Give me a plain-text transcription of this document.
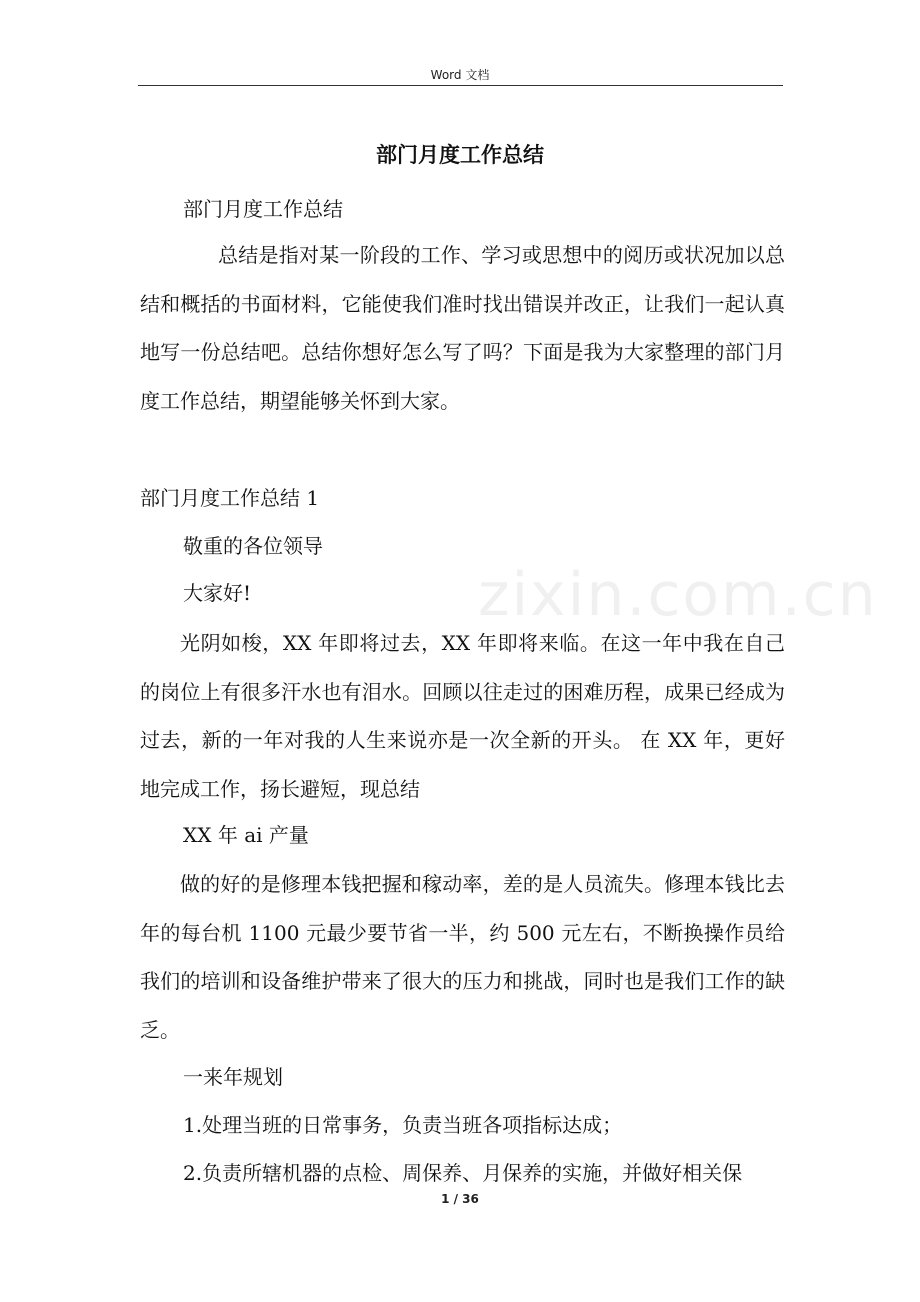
Word 文档
zixin.com.cn
部门月度工作总结
部门月度工作总结
总结是指对某一阶段的工作、学习或思想中的阅历或状况加以总结和概括的书面材料，它能使我们准时找出错误并改正，让我们一起认真地写一份总结吧。总结你想好怎么写了吗？下面是我为大家整理的部门月度工作总结，期望能够关怀到大家。
部门月度工作总结 1
敬重的各位领导
大家好!
光阴如梭，XX 年即将过去，XX 年即将来临。在这一年中我在自己的岗位上有很多汗水也有泪水。回顾以往走过的困难历程，成果已经成为过去，新的一年对我的人生来说亦是一次全新的开头。 在 XX 年，更好地完成工作，扬长避短，现总结
XX 年 ai 产量
做的好的是修理本钱把握和稼动率，差的是人员流失。修理本钱比去年的每台机 1100 元最少要节省一半，约 500 元左右，不断换操作员给我们的培训和设备维护带来了很大的压力和挑战，同时也是我们工作的缺乏。
一来年规划
1.处理当班的日常事务，负责当班各项指标达成；
2.负责所辖机器的点检、周保养、月保养的实施，并做好相关保
1 / 36
